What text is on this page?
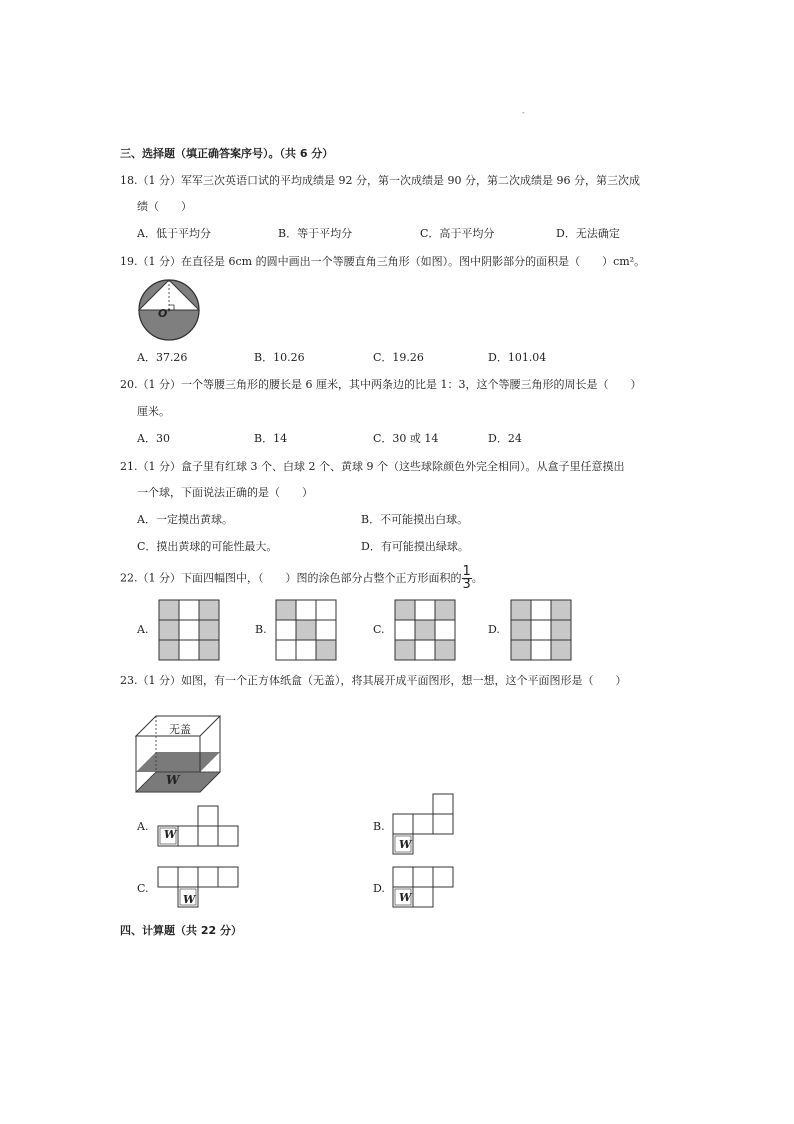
-
三、选择题（填正确答案序号）。（共 6 分）
18.（1 分）军军三次英语口试的平均成绩是 92 分，第一次成绩是 90 分，第二次成绩是 96 分，第三次成
绩（　　）
A．低于平均分	B．等于平均分	C．高于平均分	D．无法确定
19.（1 分）在直径是 6cm 的圆中画出一个等腰直角三角形（如图）。图中阴影部分的面积是（　　）cm²。
O
A．37.26	B．10.26	C．19.26	D．101.04
20.（1 分）一个等腰三角形的腰长是 6 厘米，其中两条边的比是 1：3，这个等腰三角形的周长是（　　）
厘米。
A．30	B．14	C．30 或 14	D．24
21.（1 分）盒子里有红球 3 个、白球 2 个、黄球 9 个（这些球除颜色外完全相同）。从盒子里任意摸出
一个球，下面说法正确的是（　　）
A．一定摸出黄球。	B．不可能摸出白球。
C．摸出黄球的可能性最大。	D．有可能摸出绿球。
22.（1 分）下面四幅图中，（　　）图的涂色部分占整个正方形面积的 $\frac{1}{3}$ 。
A.	B.	C.	D.
23.（1 分）如图，有一个正方体纸盒（无盖），将其展开成平面图形，想一想，这个平面图形是（　　）
无盖
W
A.	B.
C.	D.
W
W
W	W
四、计算题（共 22 分）
